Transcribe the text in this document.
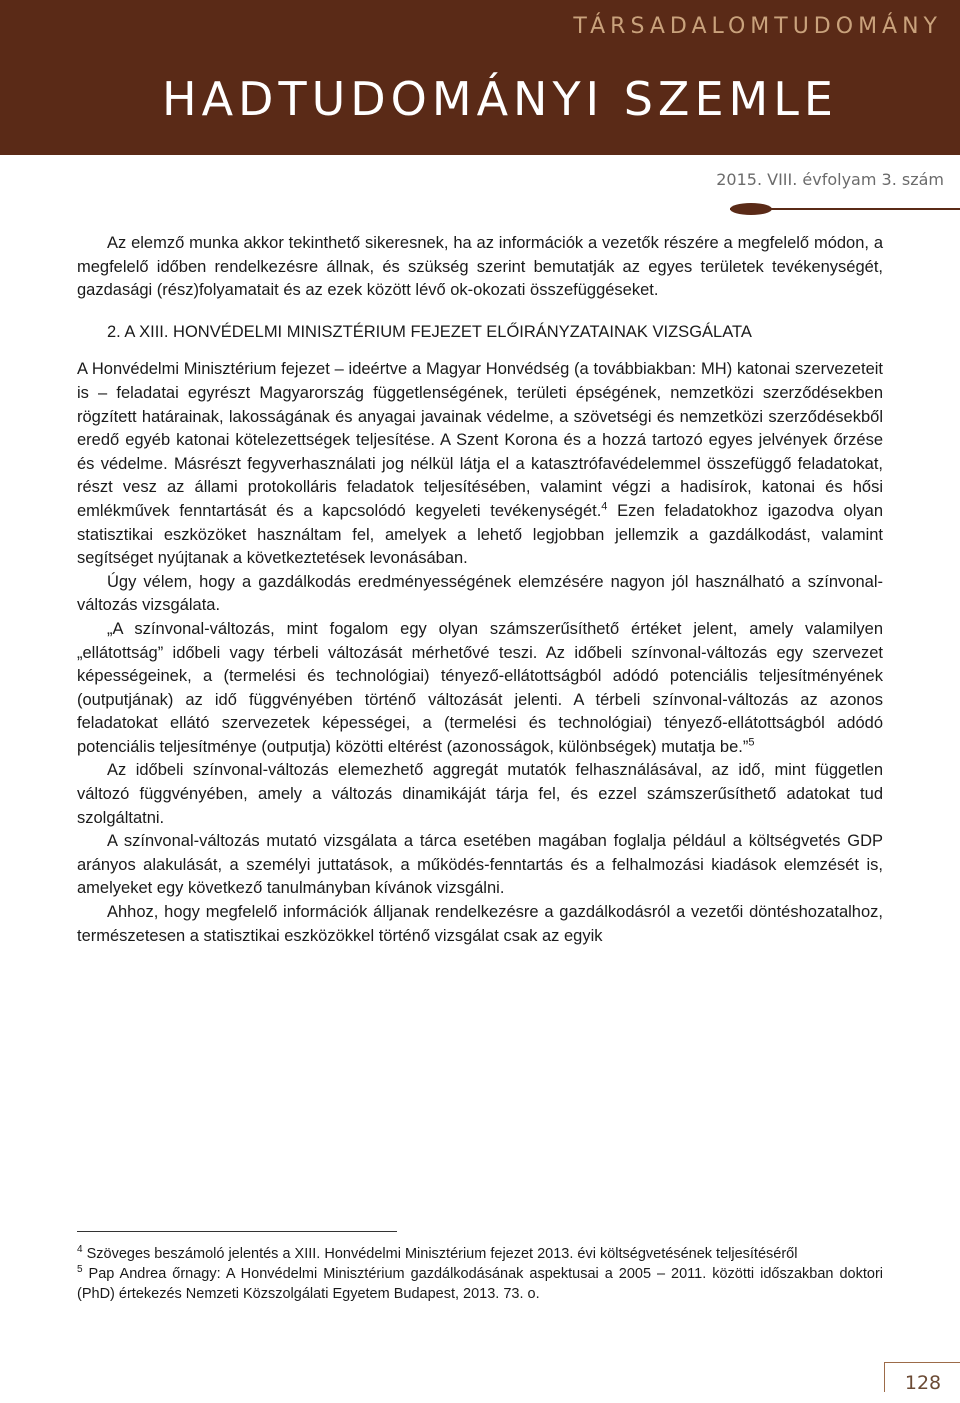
TÁRSADALOMTUDOMÁNY
HADTUDOMÁNYI SZEMLE
2015. VIII. évfolyam 3. szám

Az elemző munka akkor tekinthető sikeresnek, ha az információk a vezetők részére a megfelelő módon, a megfelelő időben rendelkezésre állnak, és szükség szerint bemutatják az egyes területek tevékenységét, gazdasági (rész)folyamatait és az ezek között lévő ok-okozati összefüggéseket.

2. A XIII. HONVÉDELMI MINISZTÉRIUM FEJEZET ELŐIRÁNYZATAINAK VIZSGÁLATA

A Honvédelmi Minisztérium fejezet – ideértve a Magyar Honvédség (a továbbiakban: MH) katonai szervezeteit is – feladatai egyrészt Magyarország függetlenségének, területi épségének, nemzetközi szerződésekben rögzített határainak, lakosságának és anyagai javainak védelme, a szövetségi és nemzetközi szerződésekből eredő egyéb katonai kötelezettségek teljesítése. A Szent Korona és a hozzá tartozó egyes jelvények őrzése és védelme. Másrészt fegyverhasználati jog nélkül látja el a katasztrófavédelemmel összefüggő feladatokat, részt vesz az állami protokolláris feladatok teljesítésében, valamint végzi a hadisírok, katonai és hősi emlékművek fenntartását és a kapcsolódó kegyeleti tevékenységét.$^4$ Ezen feladatokhoz igazodva olyan statisztikai eszközöket használtam fel, amelyek a lehető legjobban jellemzik a gazdálkodást, valamint segítséget nyújtanak a következtetések levonásában.

Úgy vélem, hogy a gazdálkodás eredményességének elemzésére nagyon jól használható a színvonal-változás vizsgálata.

„A színvonal-változás, mint fogalom egy olyan számszerűsíthető értéket jelent, amely valamilyen „ellátottság” időbeli vagy térbeli változását mérhetővé teszi. Az időbeli színvonal-változás egy szervezet képességeinek, a (termelési és technológiai) tényező-ellátottságból adódó potenciális teljesítményének (outputjának) az idő függvényében történő változását jelenti. A térbeli színvonal-változás az azonos feladatokat ellátó szervezetek képességei, a (termelési és technológiai) tényező-ellátottságból adódó potenciális teljesítménye (outputja) közötti eltérést (azonosságok, különbségek) mutatja be.”$^5$

Az időbeli színvonal-változás elemezhető aggregát mutatók felhasználásával, az idő, mint független változó függvényében, amely a változás dinamikáját tárja fel, és ezzel számszerűsíthető adatokat tud szolgáltatni.

A színvonal-változás mutató vizsgálata a tárca esetében magában foglalja például a költségvetés GDP arányos alakulását, a személyi juttatások, a működés-fenntartás és a felhalmozási kiadások elemzését is, amelyeket egy következő tanulmányban kívánok vizsgálni.

Ahhoz, hogy megfelelő információk álljanak rendelkezésre a gazdálkodásról a vezetői döntéshozatalhoz, természetesen a statisztikai eszközökkel történő vizsgálat csak az egyik

$^4$ Szöveges beszámoló jelentés a XIII. Honvédelmi Minisztérium fejezet 2013. évi költségvetésének teljesítéséről

$^5$ Pap Andrea őrnagy: A Honvédelmi Minisztérium gazdálkodásának aspektusai a 2005 – 2011. közötti időszakban doktori (PhD) értekezés Nemzeti Közszolgálati Egyetem Budapest, 2013. 73. o.

128
